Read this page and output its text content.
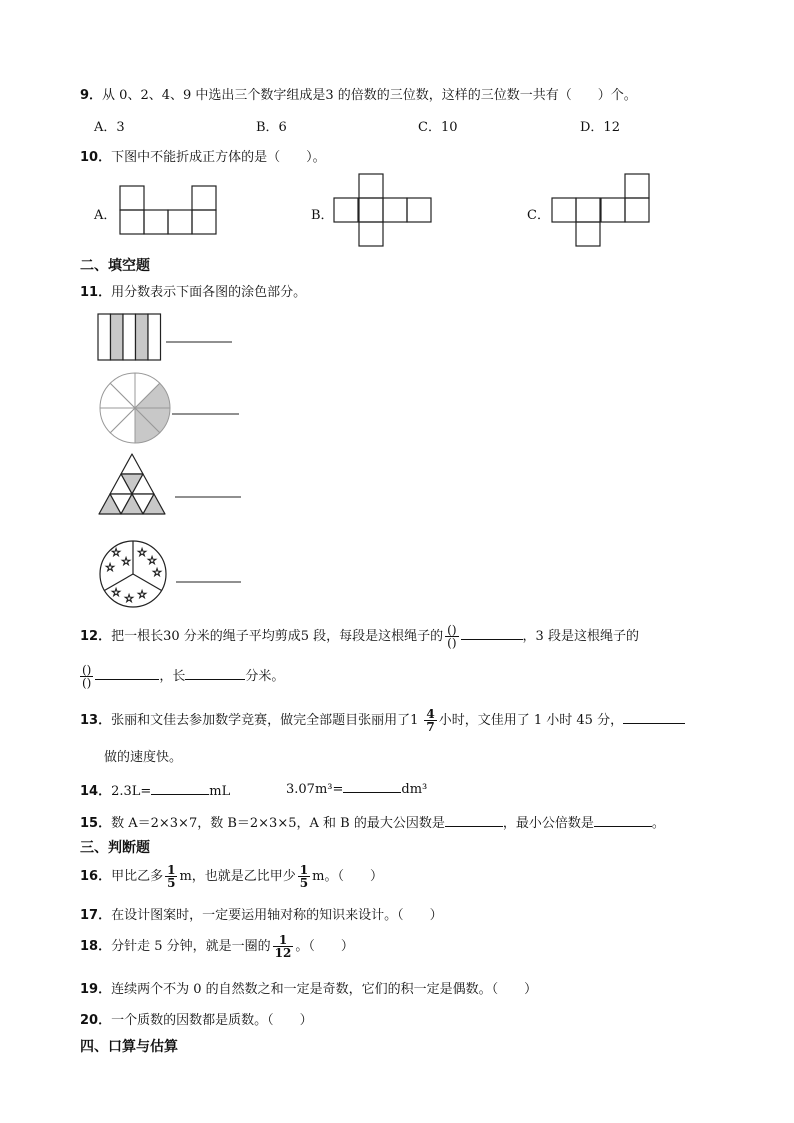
9．从 0、2、4、9 中选出三个数字组成是3 的倍数的三位数，这样的三位数一共有（　　）个。
A．3	B．6	C．10	D．12
10．下图中不能折成正方体的是（　　）。
A．	B．	C．
二、填空题
11．用分数表示下面各图的涂色部分。
☆
☆
☆
☆
☆
☆
☆ ☆ ☆
12．把一根长30 分米的绳子平均剪成5 段，每段是这根绳子的 $\frac{()}{()}$	，3 段是这根绳子的
$\frac{()}{()}$	，长	分米。
13．张丽和文佳去参加数学竞赛，做完全部题目张丽用了$1 \frac{4}{7}$ 小时，文佳用了 1 小时 45 分，
做的速度快。
14．2.3L=	mL	3.07m³=	dm³
15．数 A＝2×3×7，数 B＝2×3×5，A 和 B 的最大公因数是	，最小公倍数是	。
三、判断题
16．甲比乙多 $\frac{1}{5}$ m，也就是乙比甲少 $\frac{1}{5}$ m。（　　）
17．在设计图案时，一定要运用轴对称的知识来设计。（　　）
18．分针走 5 分钟，就是一圈的 $\frac{1}{12}$ 。（　　）
19．连续两个不为 0 的自然数之和一定是奇数，它们的积一定是偶数。（　　）
20．一个质数的因数都是质数。（　　）
四、口算与估算
